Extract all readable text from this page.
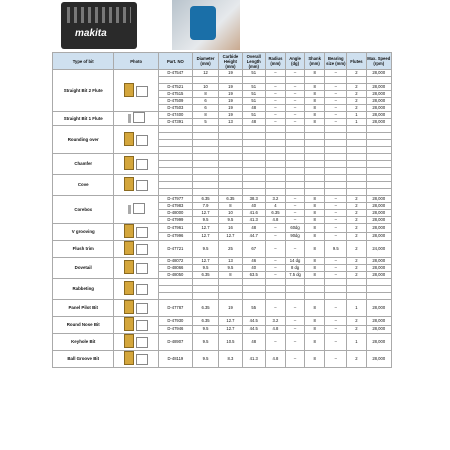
makita
Type of bit	Photo	Part. NO	Diameter (mm)	Carbide Height (mm)	Overall Length (mm)	Radius (mm)	Angle (dg)	Shank (mm)	Bearing size (mm)	Flutes	Max. Speed (rpm)
Straight Bit 2 Flute		D-47547	12	19	51	–	–	8	–	2	28,000

		D-47521	10	19	51	–	–	8	–	2	28,000
		D-47515	8	19	51	–	–	8	–	2	28,000
		D-47509	6	19	51	–	–	8	–	2	28,000
		D-47503	6	19	48	–	–	8	–	2	28,000
Straight Bit 1 Flute		D-47400	8	19	51	–	–	8	–	1	28,000
		D-47391	5	13	48	–	–	8	–	1	28,000
Rounding over											

Chamfer											

Cove											

Corebox		D-47977	6.35	6.35	38.3	3.2	–	8	–	2	28,000
		D-47983	7.9	8	40	4	–	8	–	2	28,000
		D-48000	12.7	10	41.6	6.35	–	8	–	2	28,000
		D-47999	9.5	9.5	41.3	4.8	–	8	–	2	28,000
V grooving		D-47961	12.7	16	48	–	60dg	8	–	2	28,000
		D-47996	12.7	12.7	44.7	–	90dg	8	–	2	28,000
Flush trim		D-47721	9.5	25	67	–	–	8	9.5	2	24,000
Dovetail		D-48072	12.7	13	46	–	14 dg	8	–	2	28,000
		D-48066	9.5	9.5	40	–	8 dg	8	–	2	28,000
		D-48050	6.35	8	63.5	–	7.5 dg	8	–	2	28,000
Rabbeting											

Panel Pilot Bit		D-47787	6.35	19	55	–	–	8	–	1	28,000
Round Nose Bit		D-47930	6.35	12.7	44.5	3.2	–	8	–	2	28,000
		D-47946	9.5	12.7	44.5	4.8	–	8	–	2	28,000
Keyhole Bit		D-48907	9.5	10.5	48	–	–	8	–	1	28,000
Ball Groove Bit		D-48119	9.5	8.3	41.3	4.8	–	8	–	2	28,000
